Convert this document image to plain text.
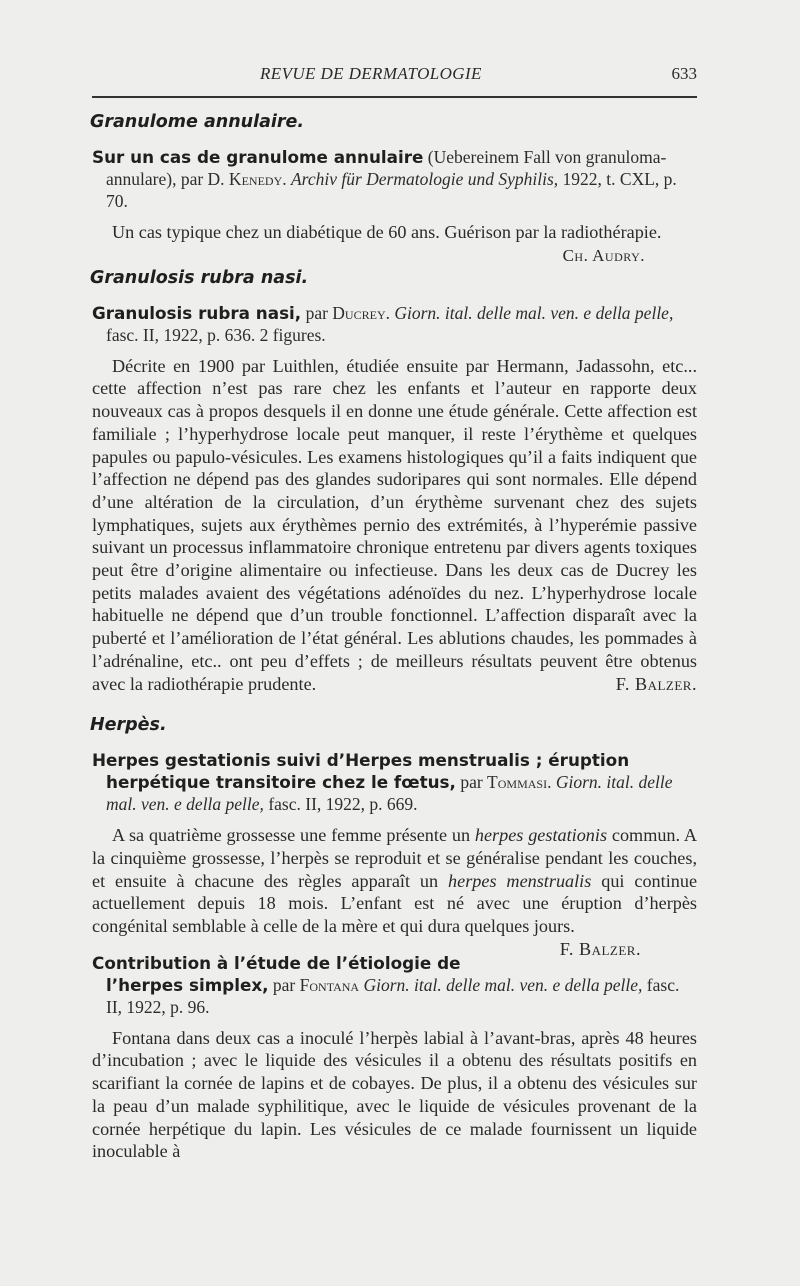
REVUE DE DERMATOLOGIE	633
Granulome annulaire.

Sur un cas de granulome annulaire (Uebereinem Fall von granuloma-annulare), par D. Kenedy. Archiv für Dermatologie und Syphilis, 1922, t. CXL, p. 70.

Un cas typique chez un diabétique de 60 ans. Guérison par la radiothérapie.

Ch. Audry.
Granulosis rubra nasi.

Granulosis rubra nasi, par Ducrey. Giorn. ital. delle mal. ven. e della pelle, fasc. II, 1922, p. 636. 2 figures.

Décrite en 1900 par Luithlen, étudiée ensuite par Hermann, Jadassohn, etc... cette affection n’est pas rare chez les enfants et l’auteur en rapporte deux nouveaux cas à propos desquels il en donne une étude générale. Cette affection est familiale ; l’hyperhydrose locale peut manquer, il reste l’érythème et quelques papules ou papulo-vésicules. Les examens histologiques qu’il a faits indiquent que l’affection ne dépend pas des glandes sudoripares qui sont normales. Elle dépend d’une altération de la circulation, d’un érythème survenant chez des sujets lymphatiques, sujets aux érythèmes pernio des extrémités, à l’hyperémie passive suivant un processus inflammatoire chronique entretenu par divers agents toxiques peut être d’origine alimentaire ou infectieuse. Dans les deux cas de Ducrey les petits malades avaient des végétations adénoïdes du nez. L’hyperhydrose locale habituelle ne dépend que d’un trouble fonctionnel. L’affection disparaît avec la puberté et l’amélioration de l’état général. Les ablutions chaudes, les pommades à l’adrénaline, etc.. ont peu d’effets ; de meilleurs résultats peuvent être obtenus avec la radiothérapie prudente.	F. Balzer.

Herpès.

Herpes gestationis suivi d’Herpes menstrualis ; éruption herpétique transitoire chez le fœtus, par Tommasi. Giorn. ital. delle mal. ven. e della pelle, fasc. II, 1922, p. 669.

A sa quatrième grossesse une femme présente un herpes gestationis commun. A la cinquième grossesse, l’herpès se reproduit et se généralise pendant les couches, et ensuite à chacune des règles apparaît un herpes menstrualis qui continue actuellement depuis 18 mois. L’enfant est né avec une éruption d’herpès congénital semblable à celle de la mère et qui dura quelques jours.
F. Balzer.

Contribution à l’étude de l’étiologie de l’herpes simplex, par Fontana Giorn. ital. delle mal. ven. e della pelle, fasc. II, 1922, p. 96.

Fontana dans deux cas a inoculé l’herpès labial à l’avant-bras, après 48 heures d’incubation ; avec le liquide des vésicules il a obtenu des résultats positifs en scarifiant la cornée de lapins et de cobayes. De plus, il a obtenu des vésicules sur la peau d’un malade syphilitique, avec le liquide de vésicules provenant de la cornée herpétique du lapin. Les vésicules de ce malade fournissent un liquide inoculable à
